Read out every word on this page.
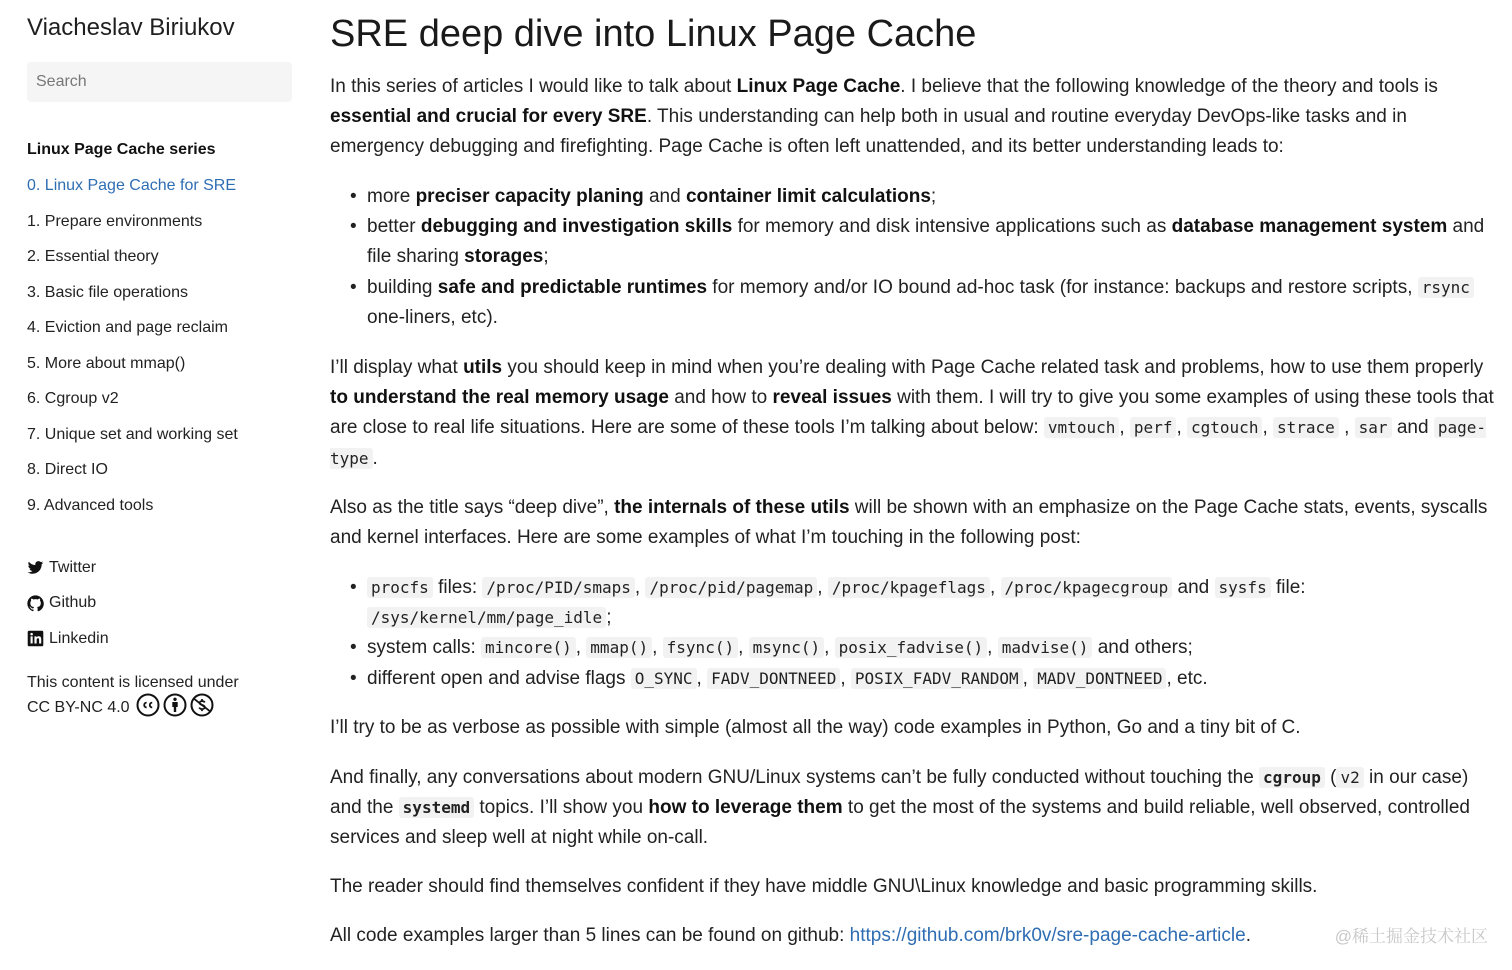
Viacheslav Biriukov
Search
Linux Page Cache series
0. Linux Page Cache for SRE
1. Prepare environments
2. Essential theory
3. Basic file operations
4. Eviction and page reclaim
5. More about mmap()
6. Cgroup v2
7. Unique set and working set
8. Direct IO
9. Advanced tools
Twitter
Github
Linkedin
This content is licensed under
CC BY-NC 4.0
SRE deep dive into Linux Page Cache

In this series of articles I would like to talk about Linux Page Cache. I believe that the following knowledge of the theory and tools is essential and crucial for every SRE. This understanding can help both in usual and routine everyday DevOps-like tasks and in emergency debugging and firefighting. Page Cache is often left unattended, and its better understanding leads to:

• more preciser capacity planing and container limit calculations;
• better debugging and investigation skills for memory and disk intensive applications such as database management system and file sharing storages;
• building safe and predictable runtimes for memory and/or IO bound ad-hoc task (for instance: backups and restore scripts, rsync one-liners, etc).

I’ll display what utils you should keep in mind when you’re dealing with Page Cache related task and problems, how to use them properly to understand the real memory usage and how to reveal issues with them. I will try to give you some examples of using these tools that are close to real life situations. Here are some of these tools I’m talking about below: vmtouch , perf , cgtouch , strace , sar and page-type .

Also as the title says “deep dive”, the internals of these utils will be shown with an emphasize on the Page Cache stats, events, syscalls and kernel interfaces. Here are some examples of what I’m touching in the following post:

• procfs files: /proc/PID/smaps , /proc/pid/pagemap , /proc/kpageflags , /proc/kpagecgroup and sysfs file: /sys/kernel/mm/page_idle ;
• system calls: mincore() , mmap() , fsync() , msync() , posix_fadvise() , madvise() and others;
• different open and advise flags O_SYNC , FADV_DONTNEED , POSIX_FADV_RANDOM , MADV_DONTNEED , etc.

I’ll try to be as verbose as possible with simple (almost all the way) code examples in Python, Go and a tiny bit of C.

And finally, any conversations about modern GNU/Linux systems can’t be fully conducted without touching the cgroup ( v2 in our case) and the systemd topics. I’ll show you how to leverage them to get the most of the systems and build reliable, well observed, controlled services and sleep well at night while on-call.

The reader should find themselves confident if they have middle GNU\Linux knowledge and basic programming skills.

All code examples larger than 5 lines can be found on github: https://github.com/brk0v/sre-page-cache-article.	@稀土掘金技术社区
